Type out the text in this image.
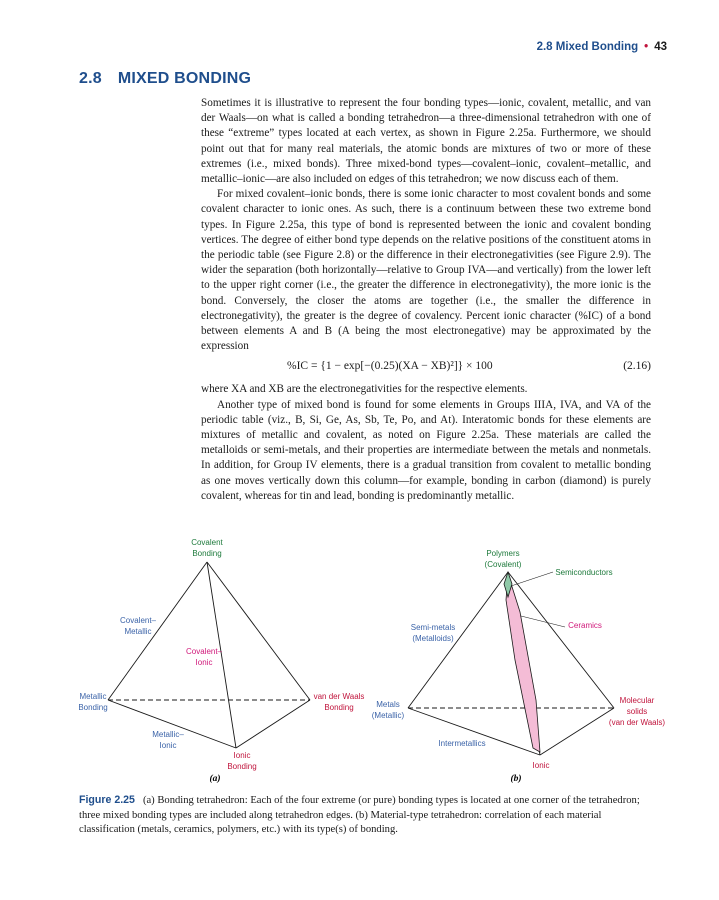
2.8 Mixed Bonding • 43
2.8 MIXED BONDING

Sometimes it is illustrative to represent the four bonding types—ionic, covalent, metallic, and van der Waals—on what is called a bonding tetrahedron—a three-dimensional tetrahedron with one of these “extreme” types located at each vertex, as shown in Figure 2.25a. Furthermore, we should point out that for many real materials, the atomic bonds are mixtures of two or more of these extremes (i.e., mixed bonds). Three mixed-bond types—covalent–ionic, covalent–metallic, and metallic–ionic—are also included on edges of this tetrahedron; we now discuss each of them.

For mixed covalent–ionic bonds, there is some ionic character to most covalent bonds and some covalent character to ionic ones. As such, there is a continuum between these two extreme bond types. In Figure 2.25a, this type of bond is represented between the ionic and covalent bonding vertices. The degree of either bond type depends on the relative positions of the constituent atoms in the periodic table (see Figure 2.8) or the difference in their electronegativities (see Figure 2.9). The wider the separation (both horizontally—relative to Group IVA—and vertically) from the lower left to the upper right corner (i.e., the greater the difference in electronegativity), the more ionic is the bond. Conversely, the closer the atoms are together (i.e., the smaller the difference in electronegativity), the greater is the degree of covalency. Percent ionic character (%IC) of a bond between elements A and B (A being the most electronegative) may be approximated by the expression

%IC = {1 − exp[−(0.25)(XA − XB)²]} × 100	(2.16)

where XA and XB are the electronegativities for the respective elements.

Another type of mixed bond is found for some elements in Groups IIIA, IVA, and VA of the periodic table (viz., B, Si, Ge, As, Sb, Te, Po, and At). Interatomic bonds for these elements are mixtures of metallic and covalent, as noted on Figure 2.25a. These materials are called the metalloids or semi-metals, and their properties are intermediate between the metals and nonmetals. In addition, for Group IV elements, there is a gradual transition from covalent to metallic bonding as one moves vertically down this column—for example, bonding in carbon (diamond) is purely covalent, whereas for tin and lead, bonding is predominantly metallic.

Covalent
Bonding
Covalent–
Metallic
Covalent–
Ionic
Metallic
Bonding
van der Waals
Bonding
Metallic–
Ionic
Ionic
Bonding
(a)
Polymers
(Covalent)
Semiconductors
Semi-metals
(Metalloids)
Ceramics
Metals
(Metallic)
Molecular
solids
(van der Waals)
Intermetallics
Ionic
(b)
Figure 2.25 (a) Bonding tetrahedron: Each of the four extreme (or pure) bonding types is located at one corner of the tetrahedron; three mixed bonding types are included along tetrahedron edges. (b) Material-type tetrahedron: correlation of each material classification (metals, ceramics, polymers, etc.) with its type(s) of bonding.
